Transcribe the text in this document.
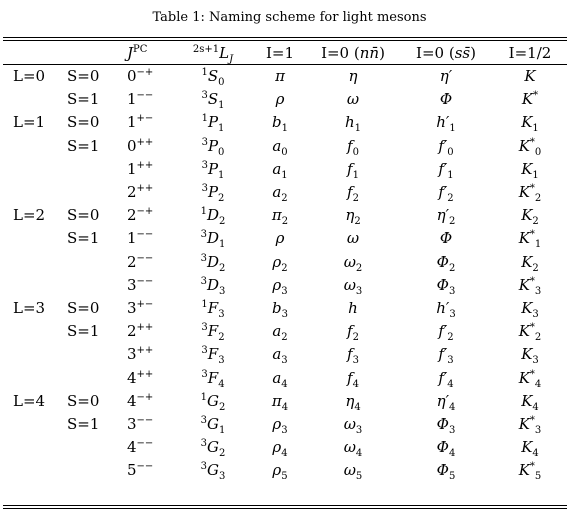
Table 1: Naming scheme for light mesons
		$J^{PC}$	$^{2s+1}L_J$	I=1	I=0 (nn̄)	I=0 (ss̄)	I=1/2
L=0	S=0	0−+	$^1S_0$	π	η	η′	K
	S=1	1−−	$^3S_1$	ρ	ω	Φ	K*
L=1	S=0	1+−	$^1P_1$	$b_1$	$h_1$	$h'_1$	$K_1$
	S=1	0++	$^3P_0$	$a_0$	$f_0$	$f'_0$	$K^*_0$
		1++	$^3P_1$	$a_1$	$f_1$	$f'_1$	$K_1$
		2++	$^3P_2$	$a_2$	$f_2$	$f'_2$	$K^*_2$
L=2	S=0	2−+	$^1D_2$	$\pi_2$	$\eta_2$	$\eta'_2$	$K_2$
	S=1	1−−	$^3D_1$	ρ	ω	Φ	$K^*_1$
		2−−	$^3D_2$	$\rho_2$	$\omega_2$	$\Phi_2$	$K_2$
		3−−	$^3D_3$	$\rho_3$	$\omega_3$	$\Phi_3$	$K^*_3$
L=3	S=0	3+−	$^1F_3$	$b_3$	h	$h'_3$	$K_3$
	S=1	2++	$^3F_2$	$a_2$	$f_2$	$f'_2$	$K^*_2$
		3++	$^3F_3$	$a_3$	$f_3$	$f'_3$	$K_3$
		4++	$^3F_4$	$a_4$	$f_4$	$f'_4$	$K^*_4$
L=4	S=0	4−+	$^1G_2$	$\pi_4$	$\eta_4$	$\eta'_4$	$K_4$
	S=1	3−−	$^3G_1$	$\rho_3$	$\omega_3$	$\Phi_3$	$K^*_3$
		4−−	$^3G_2$	$\rho_4$	$\omega_4$	$\Phi_4$	$K_4$
		5−−	$^3G_3$	$\rho_5$	$\omega_5$	$\Phi_5$	$K^*_5$
